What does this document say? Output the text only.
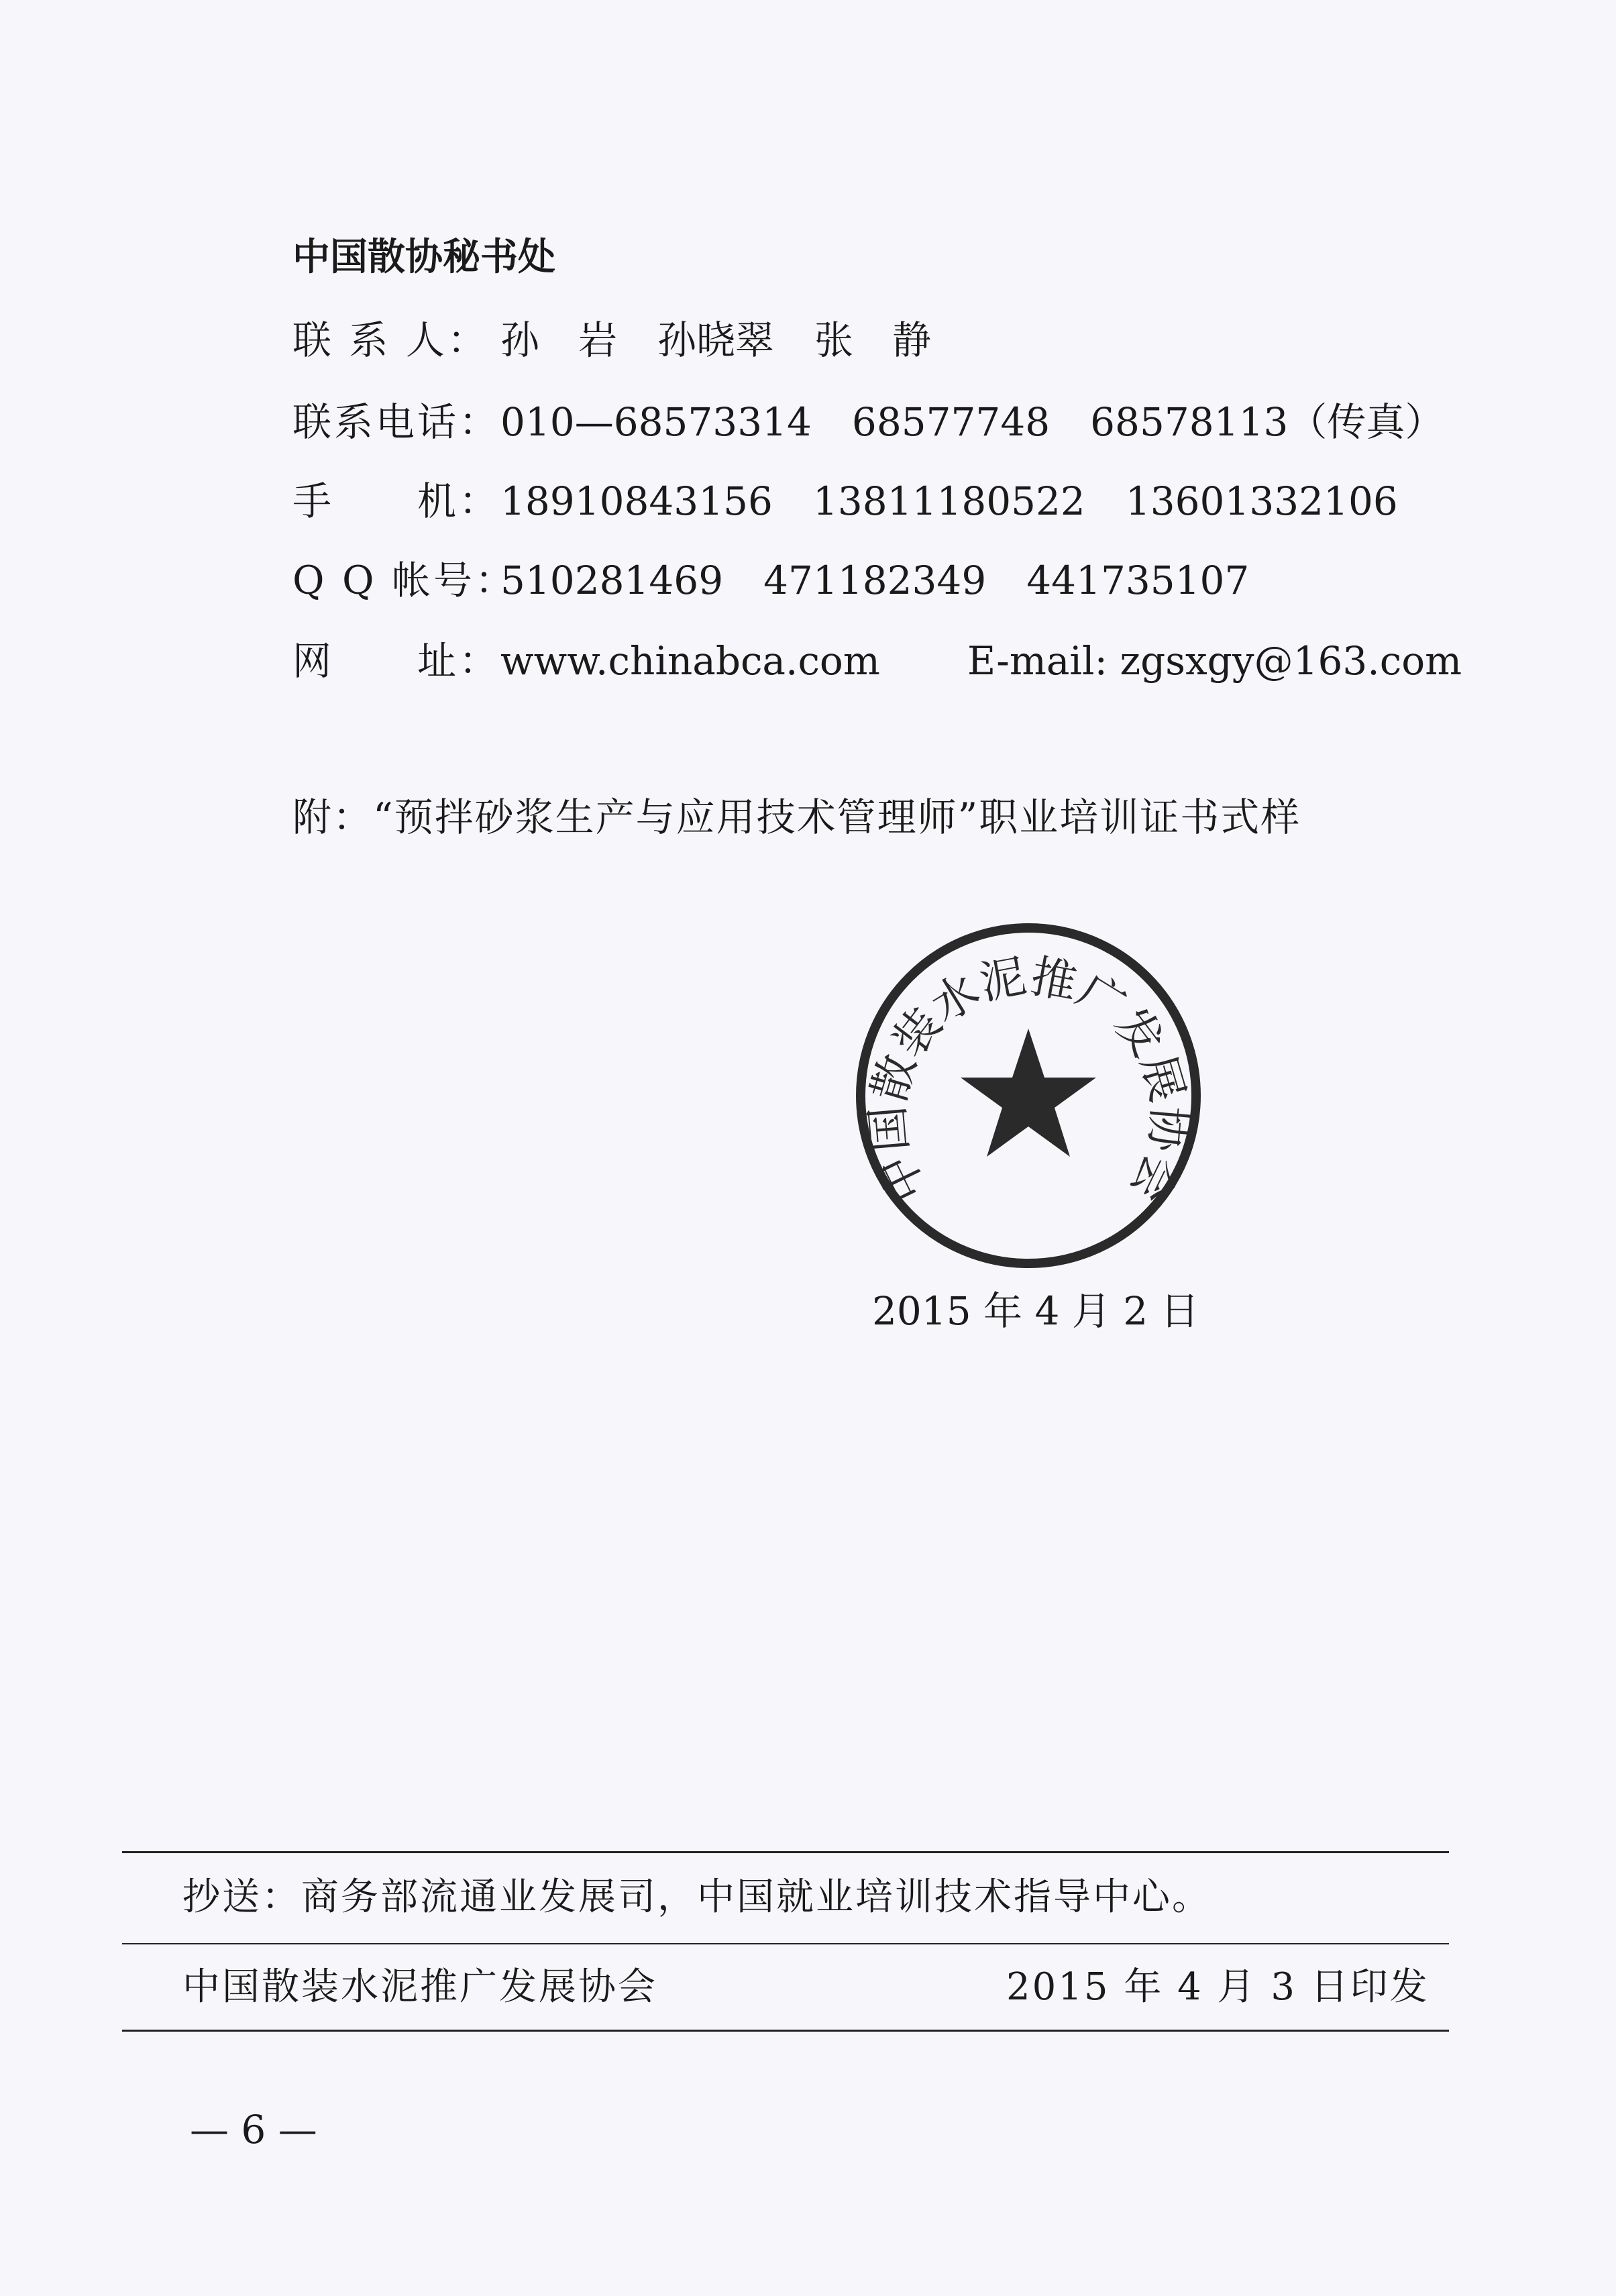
中国散协秘书处
联 系 人： 孙　岩 孙晓翠 张　静
联系电话：010—68573314 68577748 68578113（传真）
手　　机：18910843156 13811180522 13601332106
Q Q 帐号：510281469 471182349 441735107
网　　址：www.chinabca.com E-mail: zgsxgy@163.com
附：“预拌砂浆生产与应用技术管理师”职业培训证书式样
中国散装水泥推广发展协会
2015 年 4 月 2 日
抄送：商务部流通业发展司，中国就业培训技术指导中心。
中国散装水泥推广发展协会	2015 年 4 月 3 日印发
— 6 —
